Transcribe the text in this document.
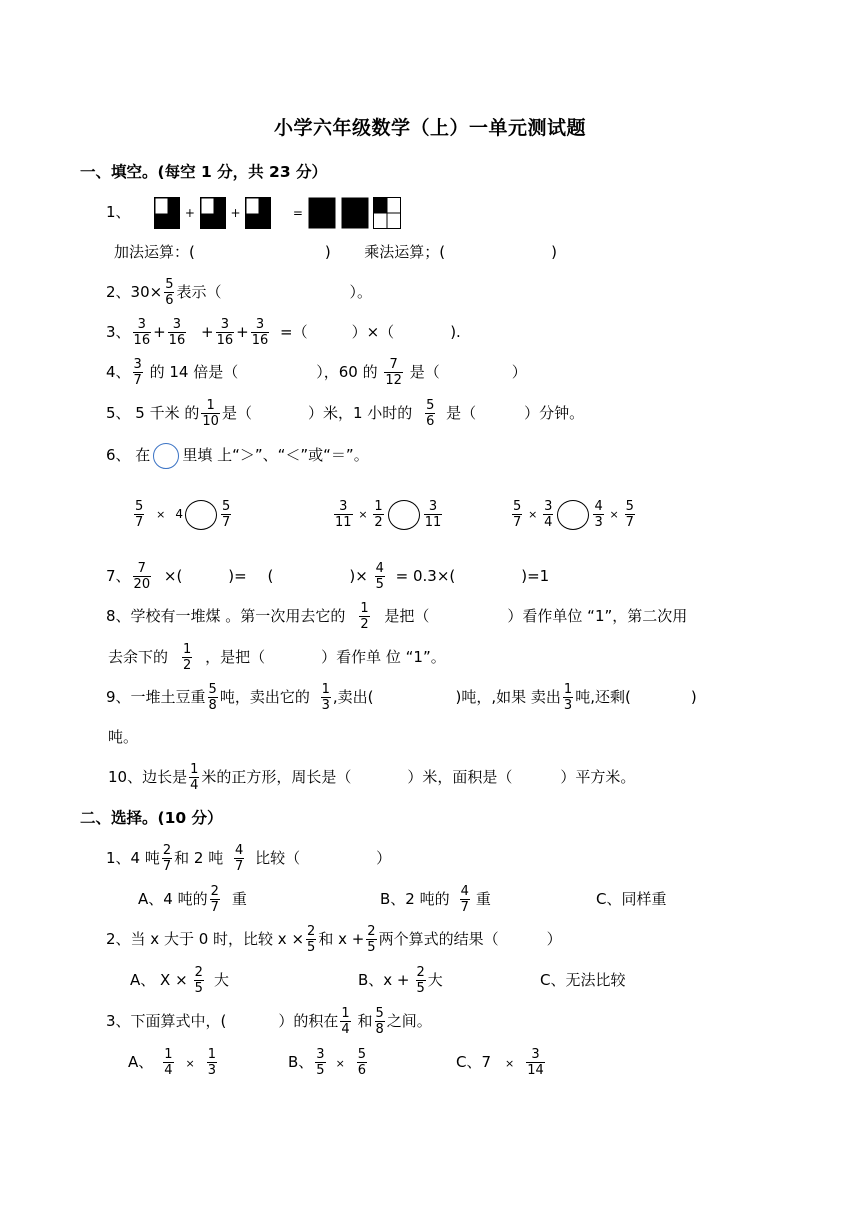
小学六年级数学（上）一单元测试题
一、填空。(每空 1 分，共 23 分）
1、	+	+	=
加法运算：(	) 乘法运算；(	)
2、$30\times \frac{5}{6}$ 表示（	）。
3、 $\frac{3}{16} + \frac{3}{16} + \frac{3}{16} + \frac{3}{16}$ =（	）×（	).
4、 $\frac{3}{7}$ 的 14 倍是（	），60 的 $\frac{7}{12}$ 是（	）
5、 5 千米 的 $\frac{1}{10}$ 是（	）米，1 小时的 $\frac{5}{6}$ 是（	）分钟。
6、 在 里填 上“＞”、“＜”或“＝”。
$\frac{5}{7} \times 4$	$\frac{5}{7}$	$\frac{3}{11} \times \frac{1}{2}$	$\frac{3}{11}$	$\frac{5}{7} \times \frac{3}{4}$	$\frac{4}{3} \times \frac{5}{7}$
7、 $\frac{7}{20}$ ×(	)= (	)× $\frac{4}{5} = 0.3\times$(	)=1
8、学校有一堆煤 。第一次用去它的 $\frac{1}{2}$ 是把（	）看作单位 “1”，第二次用
去余下的 $\frac{1}{2}$ ，是把（	）看作单 位 “1”。
9、一堆土豆重 $\frac{5}{8}$ 吨，卖出它的 $\frac{1}{3}$ ,卖出(	)吨，,如果 卖出 $\frac{1}{3}$ 吨,还剩(	)
吨。
10、边长是 $\frac{1}{4}$ 米的正方形，周长是（	）米，面积是（	）平方米。
二、选择。(10 分）
1、4 吨 $\frac{2}{7}$ 和 2 吨 $\frac{4}{7}$ 比较（	）
A、4 吨的 $\frac{2}{7}$ 重	B、2 吨的 $\frac{4}{7}$ 重	C、同样重
2、当 x 大于 0 时，比较 $x \times \frac{2}{5}$ 和 $x + \frac{2}{5}$ 两个算式的结果（	）
A、 $X \times \frac{2}{5}$ 大	B、$x + \frac{2}{5}$ 大	C、无法比较
3、下面算式中，(	）的积在 $\frac{1}{4}$ 和 $\frac{5}{8}$ 之间。
A、 $\frac{1}{4} \times \frac{1}{3}$	B、 $\frac{3}{5} \times \frac{5}{6}$	C、$7 \times \frac{3}{14}$
